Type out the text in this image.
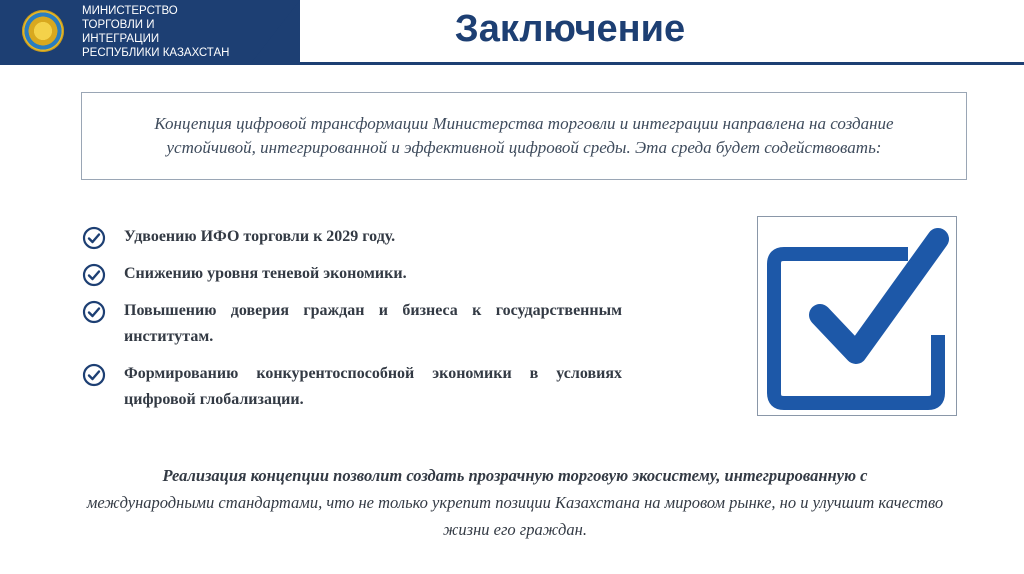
МИНИСТЕРСТВО
ТОРГОВЛИ И
ИНТЕГРАЦИИ
РЕСПУБЛИКИ КАЗАХСТАН
Заключение
Концепция цифровой трансформации Министерства торговли и интеграции направлена на создание устойчивой, интегрированной и эффективной цифровой среды. Эта среда будет содействовать:
Удвоению ИФО торговли к 2029 году.
Снижению уровня теневой экономики.
Повышению доверия граждан и бизнеса к государственным институтам.
Формированию конкурентоспособной экономики в условиях цифровой глобализации.
Реализация концепции позволит создать прозрачную торговую экосистему, интегрированную с
международными стандартами, что не только укрепит позиции Казахстана на мировом рынке, но и улучшит качество жизни его граждан.
